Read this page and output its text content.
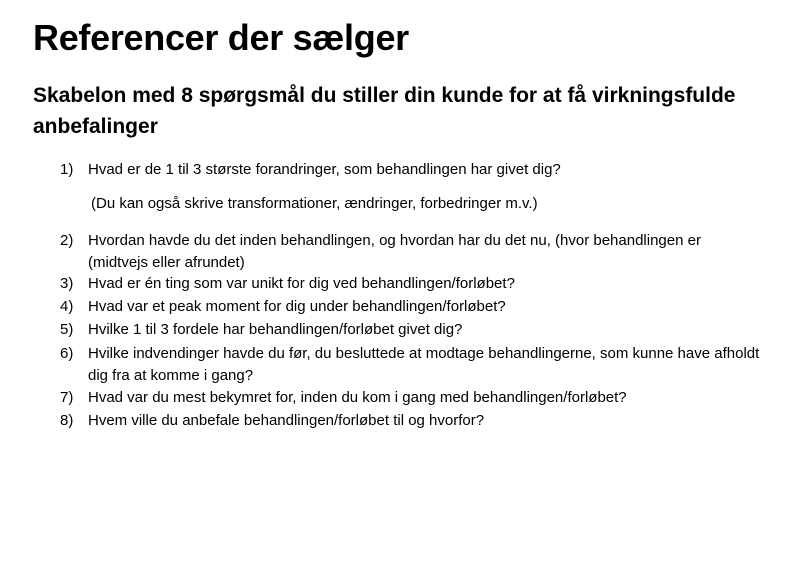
Referencer der sælger
Skabelon med 8 spørgsmål du stiller din kunde for at få virkningsfulde anbefalinger
1) Hvad er de 1 til 3 største forandringer, som behandlingen har givet dig?
2) Hvordan havde du det inden behandlingen, og hvordan har du det nu, (hvor behandlingen er (midtvejs eller afrundet)
3) Hvad er én ting som var unikt for dig ved behandlingen/forløbet?
4) Hvad var et peak moment for dig under behandlingen/forløbet?
5) Hvilke 1 til 3 fordele har behandlingen/forløbet givet dig?
6) Hvilke indvendinger havde du før, du besluttede at modtage behandlingerne, som kunne have afholdt dig fra at komme i gang?
7) Hvad var du mest bekymret for, inden du kom i gang med behandlingen/forløbet?
8) Hvem ville du anbefale behandlingen/forløbet til og hvorfor?

(Du kan også skrive transformationer, ændringer, forbedringer m.v.)
